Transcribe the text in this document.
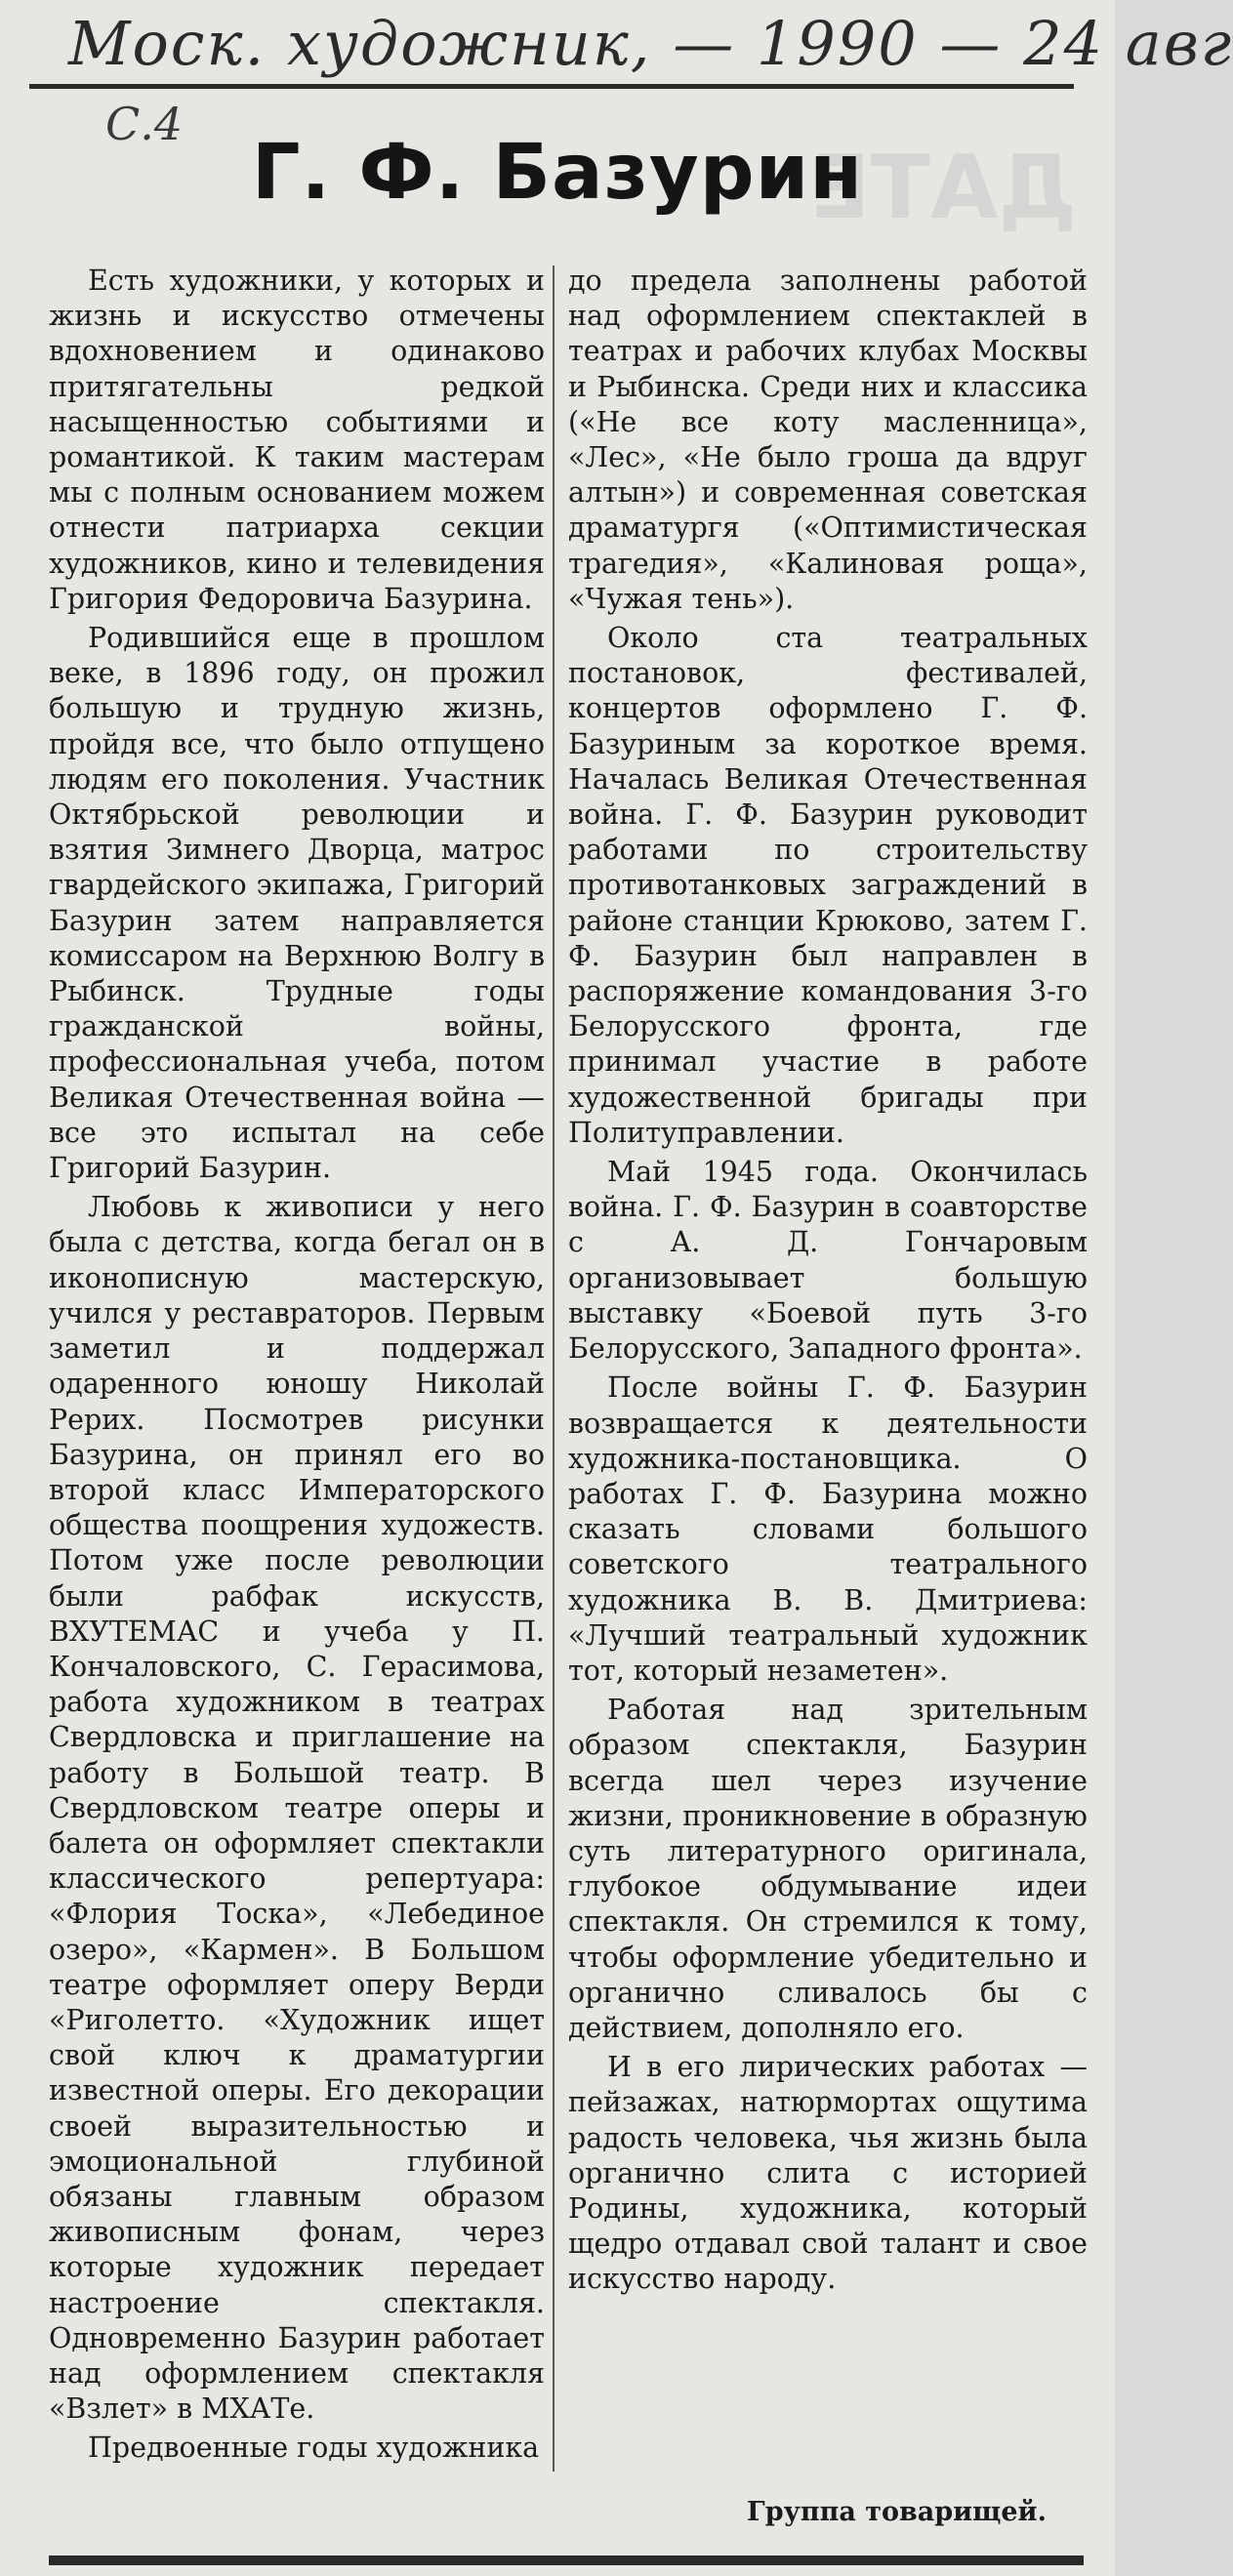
Моск. художник, — 1990 — 24 авг
С.4
ДАТЕ
Г. Ф. Базурин

Есть художники, у которых и жизнь и искусство отмечены вдохновением и одинаково притягательны редкой насыщенностью событиями и романтикой. К таким мастерам мы с полным основанием можем отнести патриарха секции художников, кино и телевидения Григория Федоровича Базурина.

Родившийся еще в прошлом веке, в 1896 году, он прожил большую и трудную жизнь, пройдя все, что было отпущено людям его поколения. Участник Октябрьской революции и взятия Зимнего Дворца, матрос гвардейского экипажа, Григорий Базурин затем направляется комиссаром на Верхнюю Волгу в Рыбинск. Трудные годы гражданской войны, профессиональная учеба, потом Великая Отечественная война — все это испытал на себе Григорий Базурин.

Любовь к живописи у него была с детства, когда бегал он в иконописную мастерскую, учился у реставраторов. Первым заметил и поддержал одаренного юношу Николай Рерих. Посмотрев рисунки Базурина, он принял его во второй класс Императорского общества поощрения художеств. Потом уже после революции были рабфак искусств, ВХУТЕМАС и учеба у П. Кончаловского, С. Герасимова, работа художником в театрах Свердловска и приглашение на работу в Большой театр. В Свердловском театре оперы и балета он оформляет спектакли классического репертуара: «Флория Тоска», «Лебединое озеро», «Кармен». В Большом театре оформляет оперу Верди «Риголетто. «Художник ищет свой ключ к драматургии известной оперы. Его декорации своей выразительностью и эмоциональной глубиной обязаны главным образом живописным фонам, через которые художник передает настроение спектакля. Одновременно Базурин работает над оформлением спектакля «Взлет» в МХАТе.

Предвоенные годы художника

до предела заполнены работой над оформлением спектаклей в театрах и рабочих клубах Москвы и Рыбинска. Среди них и классика («Не все коту масленница», «Лес», «Не было гроша да вдруг алтын») и современная советская драматургя («Оптимистическая трагедия», «Калиновая роща», «Чужая тень»).

Около ста театральных постановок, фестивалей, концертов оформлено Г. Ф. Базуриным за короткое время. Началась Великая Отечественная война. Г. Ф. Базурин руководит работами по строительству противотанковых заграждений в районе станции Крюково, затем Г. Ф. Базурин был направлен в распоряжение командования 3-го Белорусского фронта, где принимал участие в работе художественной бригады при Политуправлении.

Май 1945 года. Окончилась война. Г. Ф. Базурин в соавторстве с А. Д. Гончаровым организовывает большую выставку «Боевой путь 3-го Белорусского, Западного фронта».

После войны Г. Ф. Базурин возвращается к деятельности художника-постановщика. О работах Г. Ф. Базурина можно сказать словами большого советского театрального художника В. В. Дмитриева: «Лучший театральный художник тот, который незаметен».

Работая над зрительным образом спектакля, Базурин всегда шел через изучение жизни, проникновение в образную суть литературного оригинала, глубокое обдумывание идеи спектакля. Он стремился к тому, чтобы оформление убедительно и органично сливалось бы с действием, дополняло его.

И в его лирических работах — пейзажах, натюрмортах ощутима радость человека, чья жизнь была органично слита с историей Родины, художника, который щедро отдавал свой талант и свое искусство народу.

Группа товарищей.
